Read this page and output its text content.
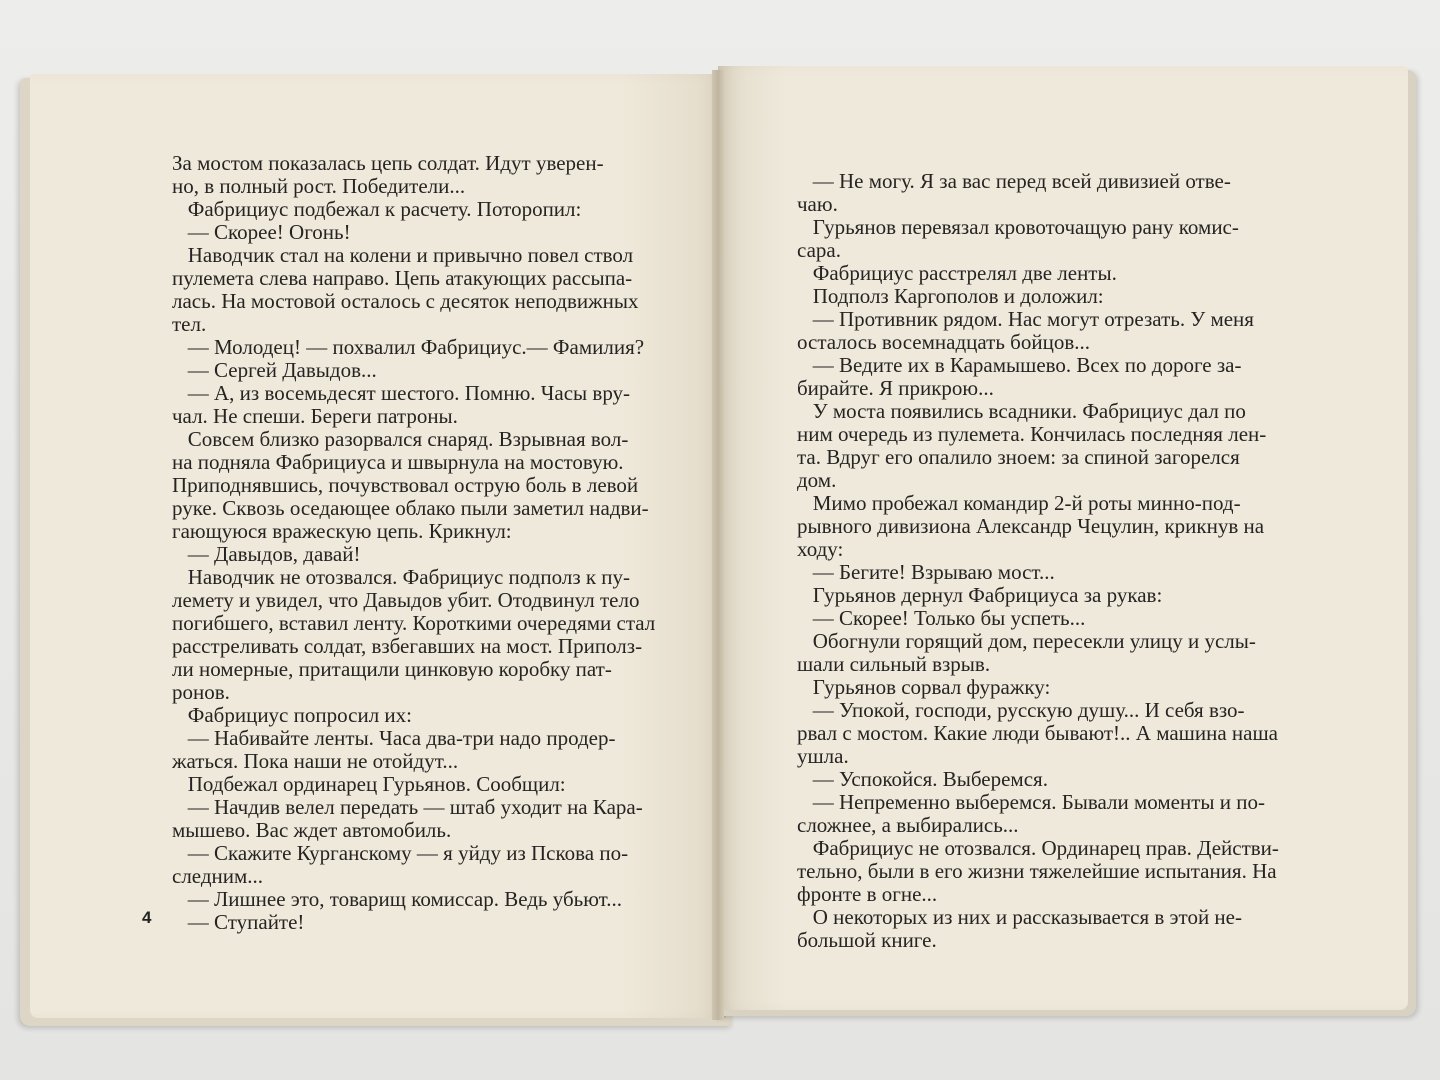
За мостом показалась цепь солдат. Идут уверен-
но, в полный рост. Победители...
Фабрициус подбежал к расчету. Поторопил:
— Скорее! Огонь!
Наводчик стал на колени и привычно повел ствол
пулемета слева направо. Цепь атакующих рассыпа-
лась. На мостовой осталось с десяток неподвижных
тел.
— Молодец! — похвалил Фабрициус.— Фамилия?
— Сергей Давыдов...
— А, из восемьдесят шестого. Помню. Часы вру-
чал. Не спеши. Береги патроны.
Совсем близко разорвался снаряд. Взрывная вол-
на подняла Фабрициуса и швырнула на мостовую.
Приподнявшись, почувствовал острую боль в левой
руке. Сквозь оседающее облако пыли заметил надви-
гающуюся вражескую цепь. Крикнул:
— Давыдов, давай!
Наводчик не отозвался. Фабрициус подполз к пу-
лемету и увидел, что Давыдов убит. Отодвинул тело
погибшего, вставил ленту. Короткими очередями стал
расстреливать солдат, взбегавших на мост. Приполз-
ли номерные, притащили цинковую коробку пат-
ронов.
Фабрициус попросил их:
— Набивайте ленты. Часа два-три надо продер-
жаться. Пока наши не отойдут...
Подбежал ординарец Гурьянов. Сообщил:
— Начдив велел передать — штаб уходит на Кара-
мышево. Вас ждет автомобиль.
— Скажите Курганскому — я уйду из Пскова по-
следним...
— Лишнее это, товарищ комиссар. Ведь убьют...
— Ступайте!
— Не могу. Я за вас перед всей дивизией отве-
чаю.
Гурьянов перевязал кровоточащую рану комис-
сара.
Фабрициус расстрелял две ленты.
Подполз Каргополов и доложил:
— Противник рядом. Нас могут отрезать. У меня
осталось восемнадцать бойцов...
— Ведите их в Карамышево. Всех по дороге за-
бирайте. Я прикрою...
У моста появились всадники. Фабрициус дал по
ним очередь из пулемета. Кончилась последняя лен-
та. Вдруг его опалило зноем: за спиной загорелся
дом.
Мимо пробежал командир 2-й роты минно-под-
рывного дивизиона Александр Чецулин, крикнув на
ходу:
— Бегите! Взрываю мост...
Гурьянов дернул Фабрициуса за рукав:
— Скорее! Только бы успеть...
Обогнули горящий дом, пересекли улицу и услы-
шали сильный взрыв.
Гурьянов сорвал фуражку:
— Упокой, господи, русскую душу... И себя взо-
рвал с мостом. Какие люди бывают!.. А машина наша
ушла.
— Успокойся. Выберемся.
— Непременно выберемся. Бывали моменты и по-
сложнее, а выбирались...
Фабрициус не отозвался. Ординарец прав. Действи-
тельно, были в его жизни тяжелейшие испытания. На
фронте в огне...
О некоторых из них и рассказывается в этой не-
большой книге.
4
